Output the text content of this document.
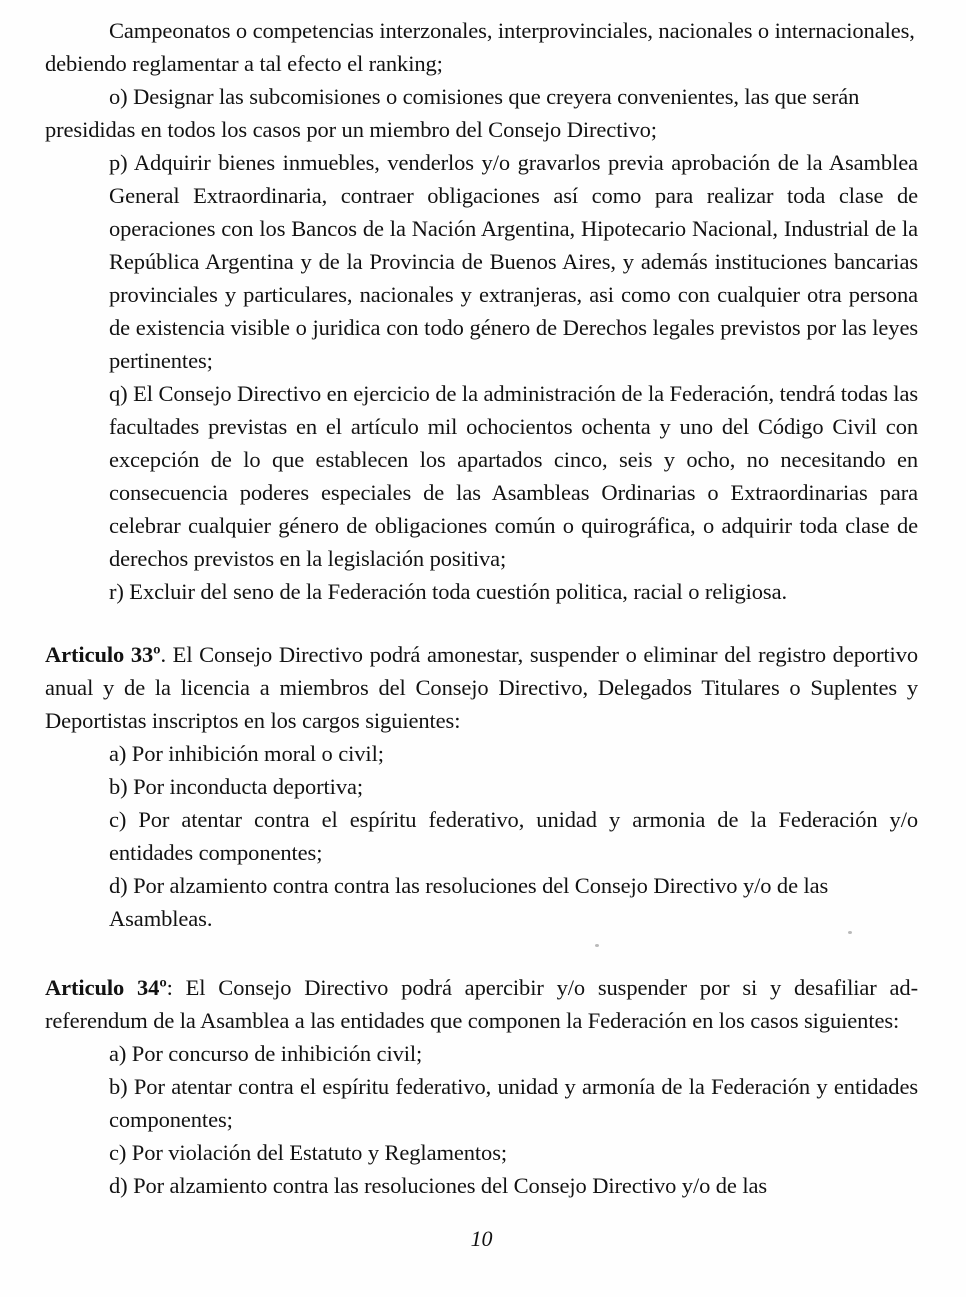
Campeonatos o competencias interzonales, interprovinciales, nacionales o internacionales, debiendo reglamentar a tal efecto el ranking;

o) Designar las subcomisiones o comisiones que creyera convenientes, las que serán presididas en todos los casos por un miembro del Consejo Directivo;

p) Adquirir bienes inmuebles, venderlos y/o gravarlos previa aprobación de la Asamblea General Extraordinaria, contraer obligaciones así como para realizar toda clase de operaciones con los Bancos de la Nación Argentina, Hipotecario Nacional, Industrial de la República Argentina y de la Provincia de Buenos Aires, y además instituciones bancarias provinciales y particulares, nacionales y extranjeras, asi como con cualquier otra persona de existencia visible o juridica con todo género de Derechos legales previstos por las leyes pertinentes;

q) El Consejo Directivo en ejercicio de la administración de la Federación, tendrá todas las facultades previstas en el artículo mil ochocientos ochenta y uno del Código Civil con excepción de lo que establecen los apartados cinco, seis y ocho, no necesitando en consecuencia poderes especiales de las Asambleas Ordinarias o Extraordinarias para celebrar cualquier género de obligaciones común o quirográfica, o adquirir toda clase de derechos previstos en la legislación positiva;

r) Excluir del seno de la Federación toda cuestión politica, racial o religiosa.

Articulo 33º. El Consejo Directivo podrá amonestar, suspender o eliminar del registro deportivo anual y de la licencia a miembros del Consejo Directivo, Delegados Titulares o Suplentes y Deportistas inscriptos en los cargos siguientes:

a) Por inhibición moral o civil;

b) Por inconducta deportiva;

c) Por atentar contra el espíritu federativo, unidad y armonia de la Federación y/o entidades componentes;

d) Por alzamiento contra contra las resoluciones del Consejo Directivo y/o de las Asambleas.

Articulo 34º: El Consejo Directivo podrá apercibir y/o suspender por si y desafiliar ad- referendum de la Asamblea a las entidades que componen la Federación en los casos siguientes:

a) Por concurso de inhibición civil;

b) Por atentar contra el espíritu federativo, unidad y armonía de la Federación y entidades componentes;

c) Por violación del Estatuto y Reglamentos;

d) Por alzamiento contra las resoluciones del Consejo Directivo y/o de las

10
